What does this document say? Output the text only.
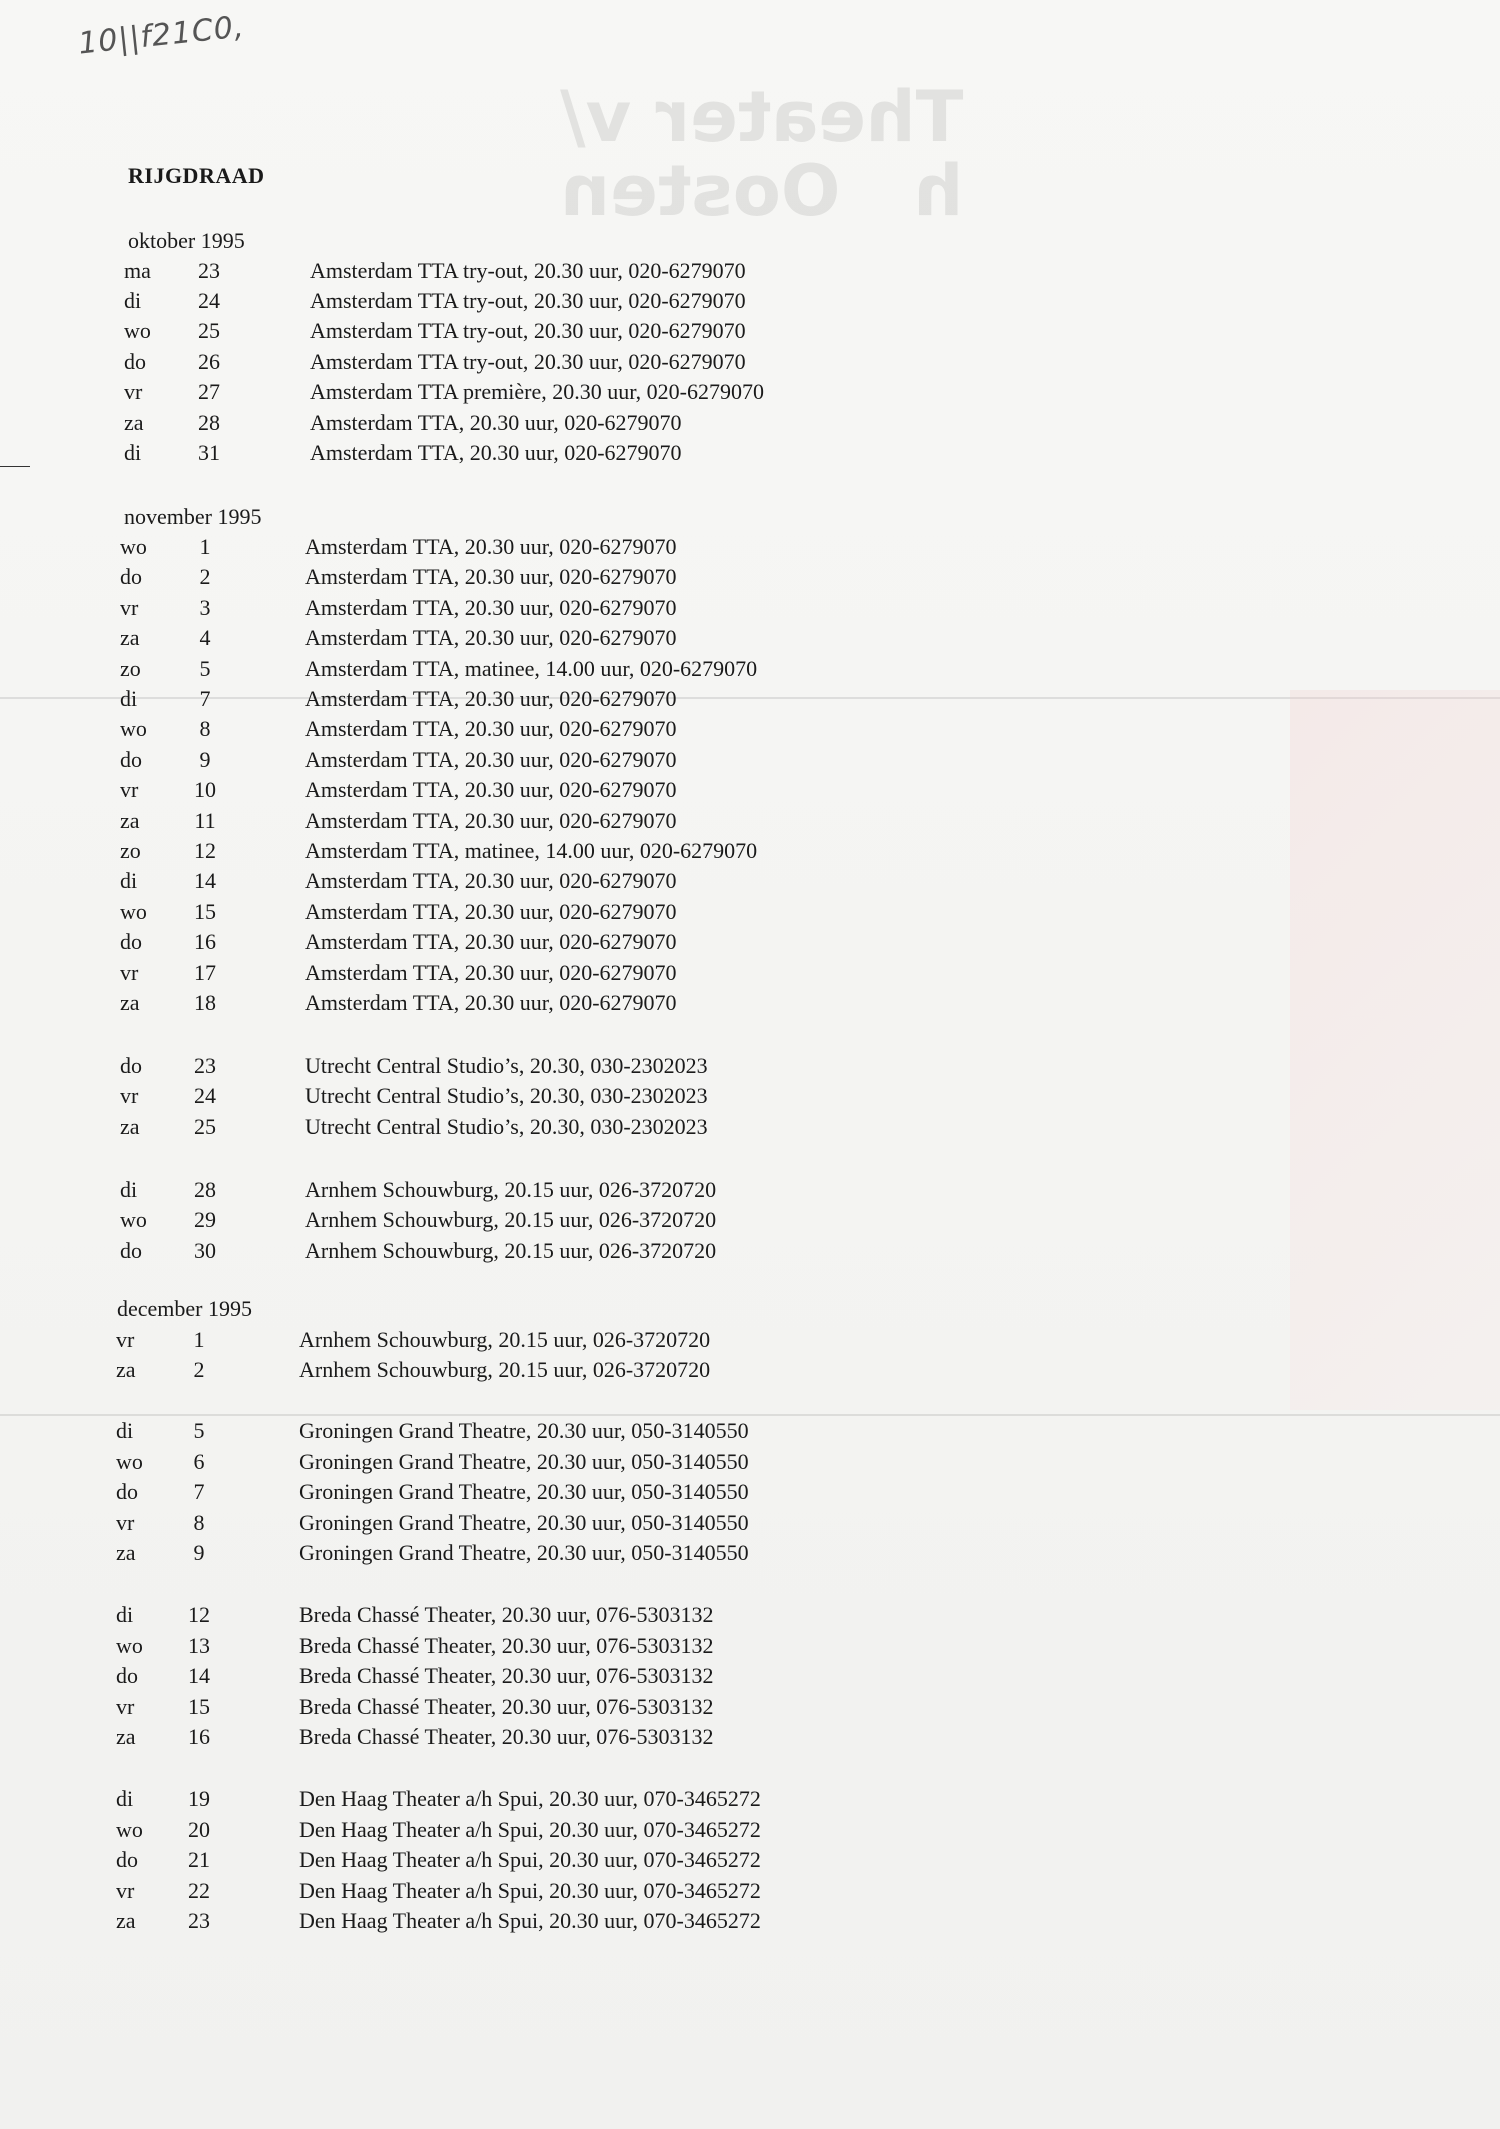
Theater v/
h   Oosten
10||f21C0,
RIJGDRAAD
oktober 1995
ma	23	Amsterdam TTA try-out, 20.30 uur, 020-6279070
di	24	Amsterdam TTA try-out, 20.30 uur, 020-6279070
wo	25	Amsterdam TTA try-out, 20.30 uur, 020-6279070
do	26	Amsterdam TTA try-out, 20.30 uur, 020-6279070
vr	27	Amsterdam TTA première, 20.30 uur, 020-6279070
za	28	Amsterdam TTA, 20.30 uur, 020-6279070
di	31	Amsterdam TTA, 20.30 uur, 020-6279070
november 1995
wo	1	Amsterdam TTA, 20.30 uur, 020-6279070
do	2	Amsterdam TTA, 20.30 uur, 020-6279070
vr	3	Amsterdam TTA, 20.30 uur, 020-6279070
za	4	Amsterdam TTA, 20.30 uur, 020-6279070
zo	5	Amsterdam TTA, matinee, 14.00 uur, 020-6279070
di	7	Amsterdam TTA, 20.30 uur, 020-6279070
wo	8	Amsterdam TTA, 20.30 uur, 020-6279070
do	9	Amsterdam TTA, 20.30 uur, 020-6279070
vr	10	Amsterdam TTA, 20.30 uur, 020-6279070
za	11	Amsterdam TTA, 20.30 uur, 020-6279070
zo	12	Amsterdam TTA, matinee, 14.00 uur, 020-6279070
di	14	Amsterdam TTA, 20.30 uur, 020-6279070
wo	15	Amsterdam TTA, 20.30 uur, 020-6279070
do	16	Amsterdam TTA, 20.30 uur, 020-6279070
vr	17	Amsterdam TTA, 20.30 uur, 020-6279070
za	18	Amsterdam TTA, 20.30 uur, 020-6279070
do	23	Utrecht Central Studio’s, 20.30, 030-2302023
vr	24	Utrecht Central Studio’s, 20.30, 030-2302023
za	25	Utrecht Central Studio’s, 20.30, 030-2302023
di	28	Arnhem Schouwburg, 20.15 uur, 026-3720720
wo	29	Arnhem Schouwburg, 20.15 uur, 026-3720720
do	30	Arnhem Schouwburg, 20.15 uur, 026-3720720
december 1995
vr	1	Arnhem Schouwburg, 20.15 uur, 026-3720720
za	2	Arnhem Schouwburg, 20.15 uur, 026-3720720
di	5	Groningen Grand Theatre, 20.30 uur, 050-3140550
wo	6	Groningen Grand Theatre, 20.30 uur, 050-3140550
do	7	Groningen Grand Theatre, 20.30 uur, 050-3140550
vr	8	Groningen Grand Theatre, 20.30 uur, 050-3140550
za	9	Groningen Grand Theatre, 20.30 uur, 050-3140550
di	12	Breda Chassé Theater, 20.30 uur, 076-5303132
wo	13	Breda Chassé Theater, 20.30 uur, 076-5303132
do	14	Breda Chassé Theater, 20.30 uur, 076-5303132
vr	15	Breda Chassé Theater, 20.30 uur, 076-5303132
za	16	Breda Chassé Theater, 20.30 uur, 076-5303132
di	19	Den Haag Theater a/h Spui, 20.30 uur, 070-3465272
wo	20	Den Haag Theater a/h Spui, 20.30 uur, 070-3465272
do	21	Den Haag Theater a/h Spui, 20.30 uur, 070-3465272
vr	22	Den Haag Theater a/h Spui, 20.30 uur, 070-3465272
za	23	Den Haag Theater a/h Spui, 20.30 uur, 070-3465272
